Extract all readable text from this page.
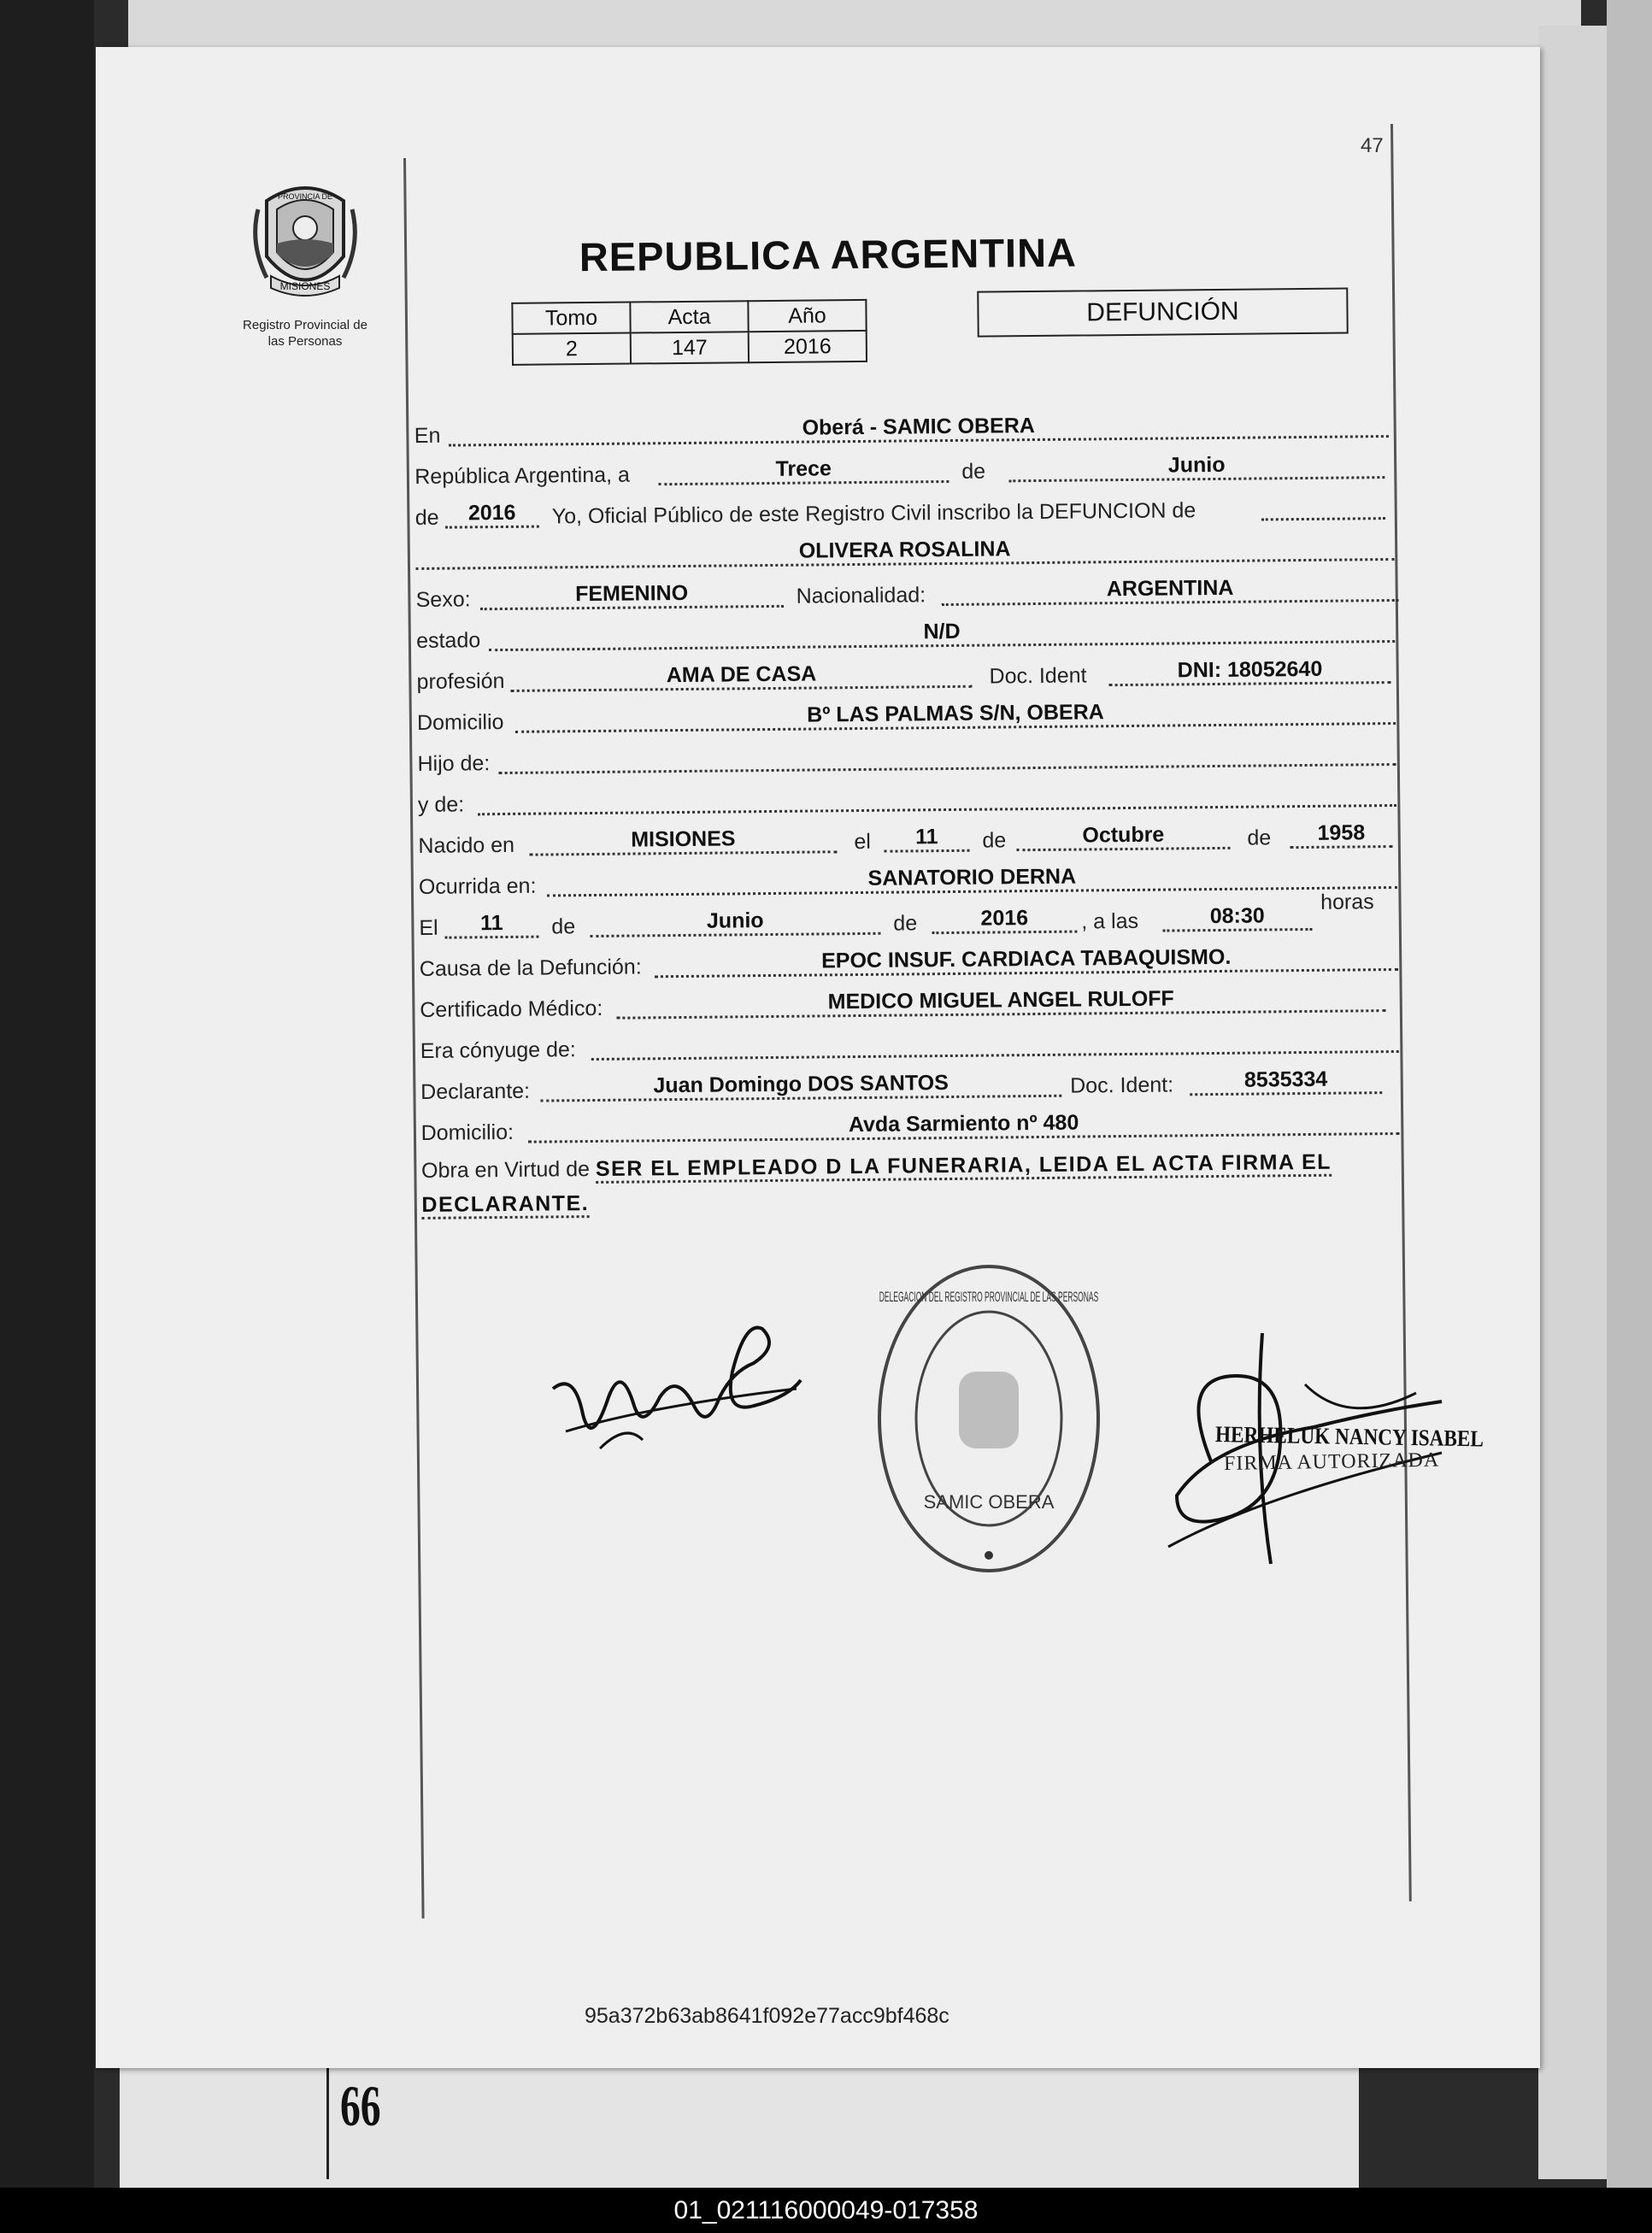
66
47
MISIONES
PROVINCIA DE
Registro Provincial de
las Personas
REPUBLICA ARGENTINA
Tomo	Acta	Año
2	147	2016
DEFUNCIÓN
En	Oberá - SAMIC OBERA
República Argentina, a	Trece	de	Junio
de	2016	Yo, Oficial Público de este Registro Civil inscribo la DEFUNCION de
OLIVERA ROSALINA
Sexo:	FEMENINO	Nacionalidad:	ARGENTINA
estado	N/D
profesión	AMA DE CASA	Doc. Ident	DNI: 18052640
Domicilio	Bº LAS PALMAS S/N, OBERA
Hijo de:
y de:
Nacido en	MISIONES	el	11	de	Octubre	de	1958
Ocurrida en:	SANATORIO DERNA
El	11	de	Junio	de	2016	, a las	08:30
horas
Causa de la Defunción:	EPOC INSUF. CARDIACA TABAQUISMO.
Certificado Médico:	MEDICO MIGUEL ANGEL RULOFF
Era cónyuge de:
Declarante:	Juan Domingo DOS SANTOS	Doc. Ident:	8535334
Domicilio:	Avda Sarmiento nº 480
Obra en Virtud de SER EL EMPLEADO D LA FUNERARIA, LEIDA EL ACTA FIRMA EL DECLARANTE.
DELEGACION DEL REGISTRO PROVINCIAL DE LAS PERSONAS
SAMIC OBERA
HERHELUK NANCY ISABEL
FIRMA AUTORIZADA
95a372b63ab8641f092e77acc9bf468c
01_021116000049-017358
